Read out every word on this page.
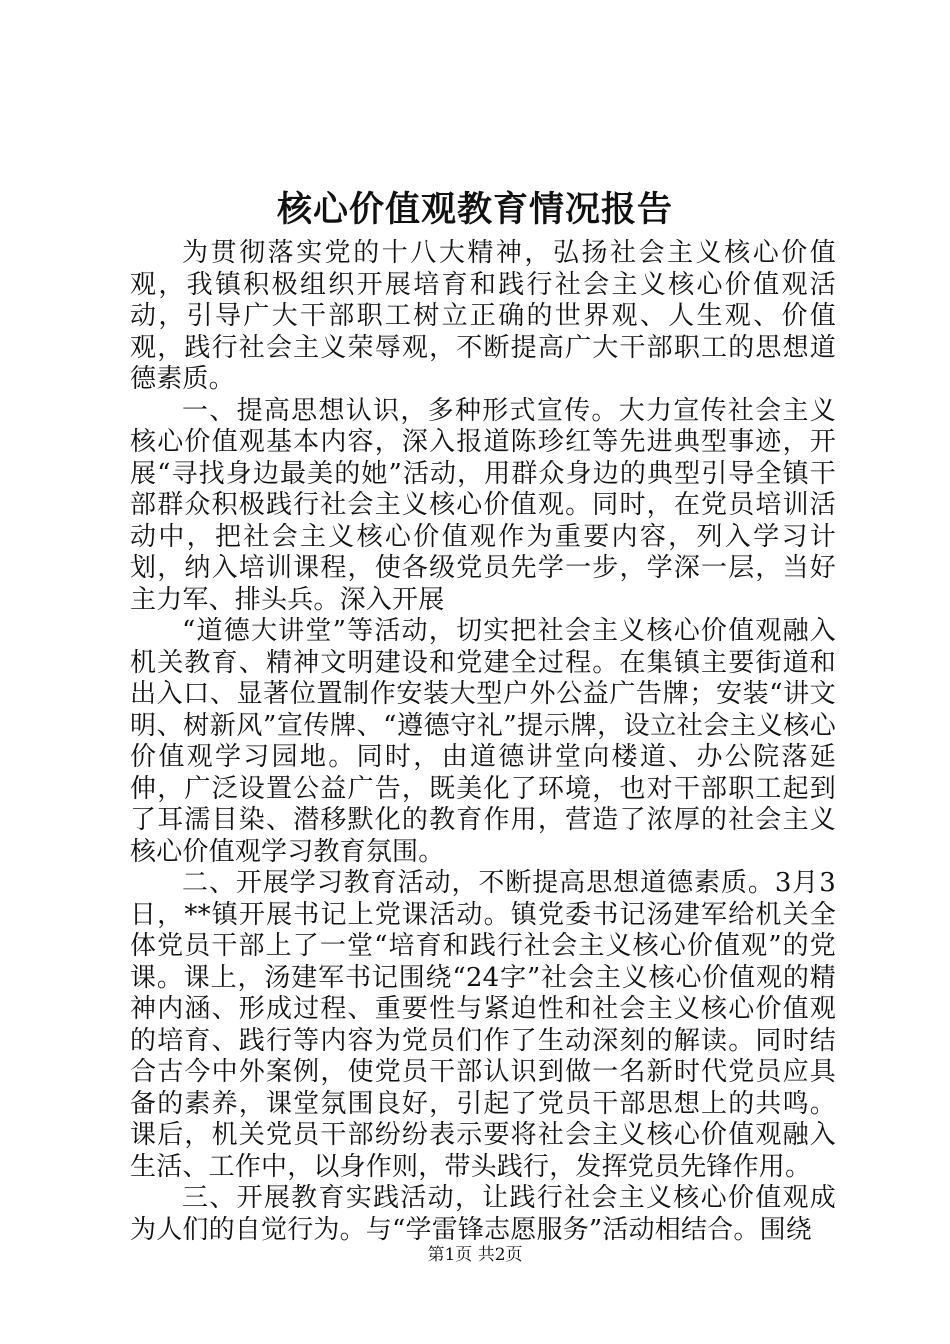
核心价值观教育情况报告

为贯彻落实党的十八大精神，弘扬社会主义核心价值观，我镇积极组织开展培育和践行社会主义核心价值观活动，引导广大干部职工树立正确的世界观、人生观、价值观，践行社会主义荣辱观，不断提高广大干部职工的思想道德素质。

一、提高思想认识，多种形式宣传。大力宣传社会主义核心价值观基本内容，深入报道陈珍红等先进典型事迹，开展“寻找身边最美的她”活动，用群众身边的典型引导全镇干部群众积极践行社会主义核心价值观。同时，在党员培训活动中，把社会主义核心价值观作为重要内容，列入学习计划，纳入培训课程，使各级党员先学一步，学深一层，当好主力军、排头兵。深入开展

“道德大讲堂”等活动，切实把社会主义核心价值观融入机关教育、精神文明建设和党建全过程。在集镇主要街道和出入口、显著位置制作安装大型户外公益广告牌；安装“讲文明、树新风”宣传牌、“遵德守礼”提示牌，设立社会主义核心价值观学习园地。同时，由道德讲堂向楼道、办公院落延伸，广泛设置公益广告，既美化了环境，也对干部职工起到了耳濡目染、潜移默化的教育作用，营造了浓厚的社会主义核心价值观学习教育氛围。

二、开展学习教育活动，不断提高思想道德素质。3月3日，**镇开展书记上党课活动。镇党委书记汤建军给机关全体党员干部上了一堂“培育和践行社会主义核心价值观”的党课。课上，汤建军书记围绕“24字”社会主义核心价值观的精神内涵、形成过程、重要性与紧迫性和社会主义核心价值观的培育、践行等内容为党员们作了生动深刻的解读。同时结合古今中外案例，使党员干部认识到做一名新时代党员应具备的素养，课堂氛围良好，引起了党员干部思想上的共鸣。课后，机关党员干部纷纷表示要将社会主义核心价值观融入生活、工作中，以身作则，带头践行，发挥党员先锋作用。

三、开展教育实践活动，让践行社会主义核心价值观成为人们的自觉行为。与“学雷锋志愿服务”活动相结合。围绕

第1页 共2页
